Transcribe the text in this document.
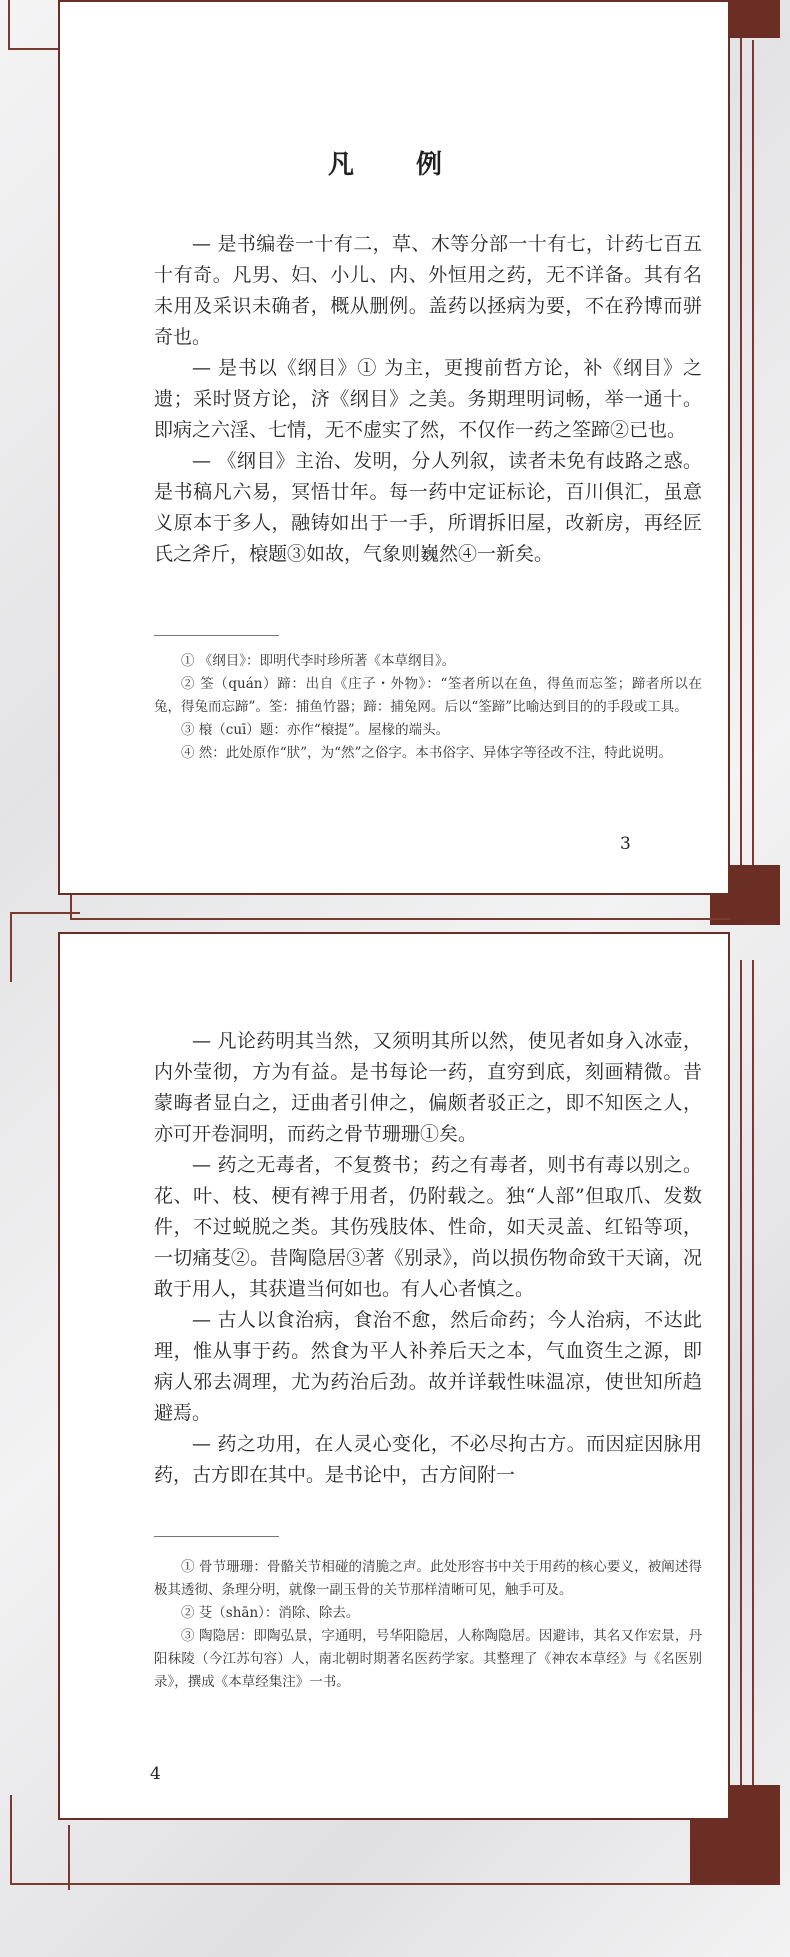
凡　例

— 是书编卷一十有二，草、木等分部一十有七，计药七百五十有奇。凡男、妇、小儿、内、外恒用之药，无不详备。其有名未用及采识未确者，概从删例。盖药以拯病为要，不在矜博而骈奇也。

— 是书以《纲目》① 为主，更搜前哲方论，补《纲目》之遗；采时贤方论，济《纲目》之美。务期理明词畅，举一通十。即病之六淫、七情，无不虚实了然，不仅作一药之筌蹄②已也。

— 《纲目》主治、发明，分人列叙，读者未免有歧路之惑。是书稿凡六易，冥悟廿年。每一药中定证标论，百川俱汇，虽意义原本于多人，融铸如出于一手，所谓拆旧屋，改新房，再经匠氏之斧斤，榱题③如故，气象则巍然④一新矣。

① 《纲目》：即明代李时珍所著《本草纲目》。

② 筌（quán）蹄：出自《庄子・外物》：“筌者所以在鱼，得鱼而忘筌；蹄者所以在兔，得兔而忘蹄”。筌：捕鱼竹器；蹄：捕兔网。后以“筌蹄”比喻达到目的的手段或工具。

③ 榱（cuī）题：亦作“榱提”。屋椽的端头。

④ 然：此处原作“肰”，为“然”之俗字。本书俗字、异体字等径改不注，特此说明。

3

— 凡论药明其当然，又须明其所以然，使见者如身入冰壶，内外莹彻，方为有益。是书每论一药，直穷到底，刻画精微。昔蒙晦者显白之，迂曲者引伸之，偏颇者驳正之，即不知医之人，亦可开卷洞明，而药之骨节珊珊①矣。

— 药之无毒者，不复赘书；药之有毒者，则书有毒以别之。花、叶、枝、梗有裨于用者，仍附载之。独“人部”但取爪、发数件，不过蜕脱之类。其伤残肢体、性命，如天灵盖、红铅等项，一切痛芟②。昔陶隐居③著《别录》，尚以损伤物命致干天谪，况敢于用人，其获遣当何如也。有人心者慎之。

— 古人以食治病，食治不愈，然后命药；今人治病，不达此理，惟从事于药。然食为平人补养后天之本，气血资生之源，即病人邪去凋理，尤为药治后劲。故并详载性味温凉，使世知所趋避焉。

— 药之功用，在人灵心变化，不必尽拘古方。而因症因脉用药，古方即在其中。是书论中，古方间附一

① 骨节珊珊：骨骼关节相碰的清脆之声。此处形容书中关于用药的核心要义，被阐述得极其透彻、条理分明，就像一副玉骨的关节那样清晰可见，触手可及。

② 芟（shān）：消除、除去。

③ 陶隐居：即陶弘景，字通明，号华阳隐居，人称陶隐居。因避讳，其名又作宏景，丹阳秣陵（今江苏句容）人，南北朝时期著名医药学家。其整理了《神农本草经》与《名医别录》，撰成《本草经集注》一书。

4
